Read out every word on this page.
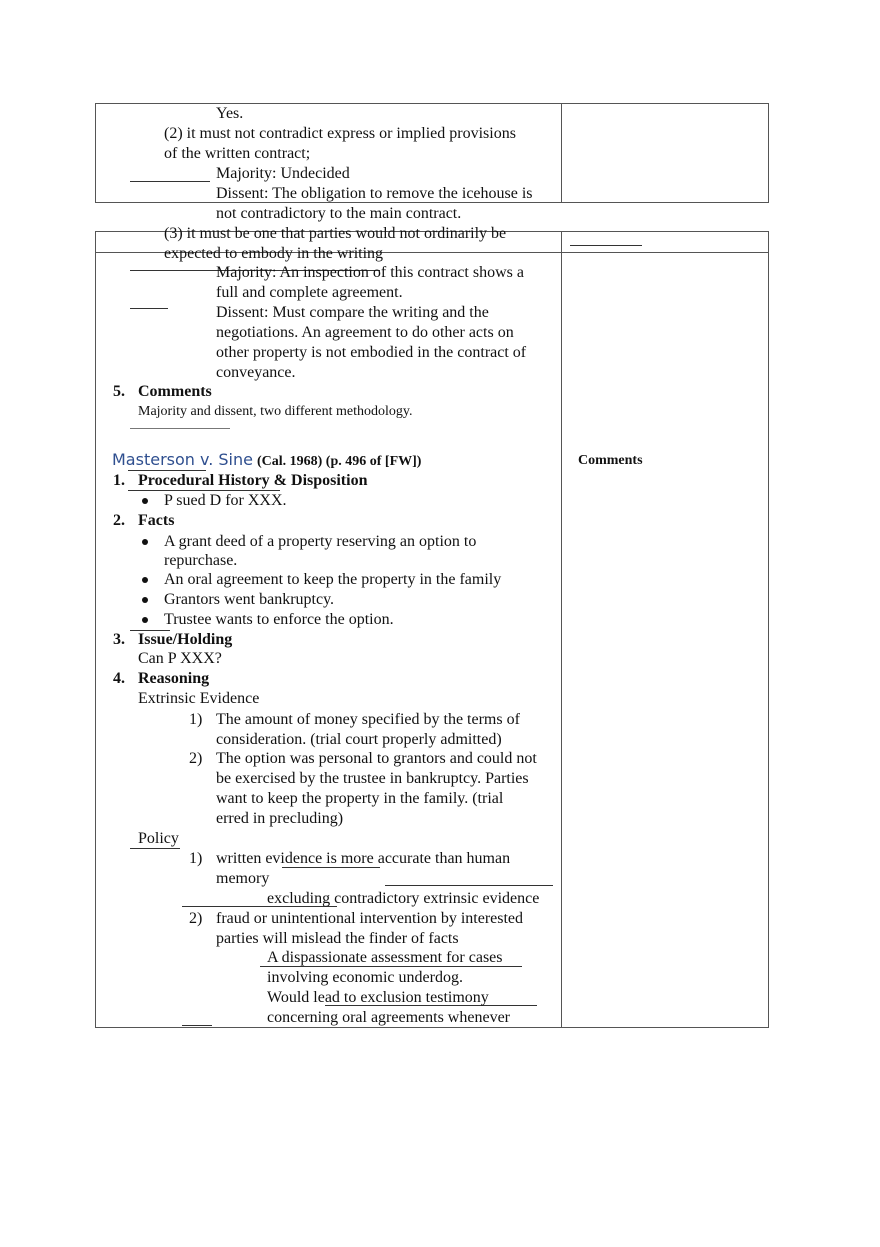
Yes.
(2) it must not contradict express or implied provisions
of the written contract;
Majority: Undecided
Dissent: The obligation to remove the icehouse is
not contradictory to the main contract.
(3) it must be one that parties would not ordinarily be
expected to embody in the writing
Majority: An inspection of this contract shows a
full and complete agreement.
Dissent: Must compare the writing and the
negotiations. An agreement to do other acts on
other property is not embodied in the contract of
conveyance.
5. Comments
Majority and dissent, two different methodology.
Masterson v. Sine (Cal. 1968) (p. 496 of [FW])	Comments
1. Procedural History & Disposition
P sued D for XXX.
2. Facts
A grant deed of a property reserving an option to
repurchase.
An oral agreement to keep the property in the family
Grantors went bankruptcy.
Trustee wants to enforce the option.
3. Issue/Holding
Can P XXX?
4. Reasoning
Extrinsic Evidence
1) The amount of money specified by the terms of
consideration. (trial court properly admitted)
2) The option was personal to grantors and could not
be exercised by the trustee in bankruptcy. Parties
want to keep the property in the family. (trial
erred in precluding)
Policy
1) written evidence is more accurate than human
memory
excluding contradictory extrinsic evidence
2) fraud or unintentional intervention by interested
parties will mislead the finder of facts
A dispassionate assessment for cases
involving economic underdog.
Would lead to exclusion testimony
concerning oral agreements whenever
